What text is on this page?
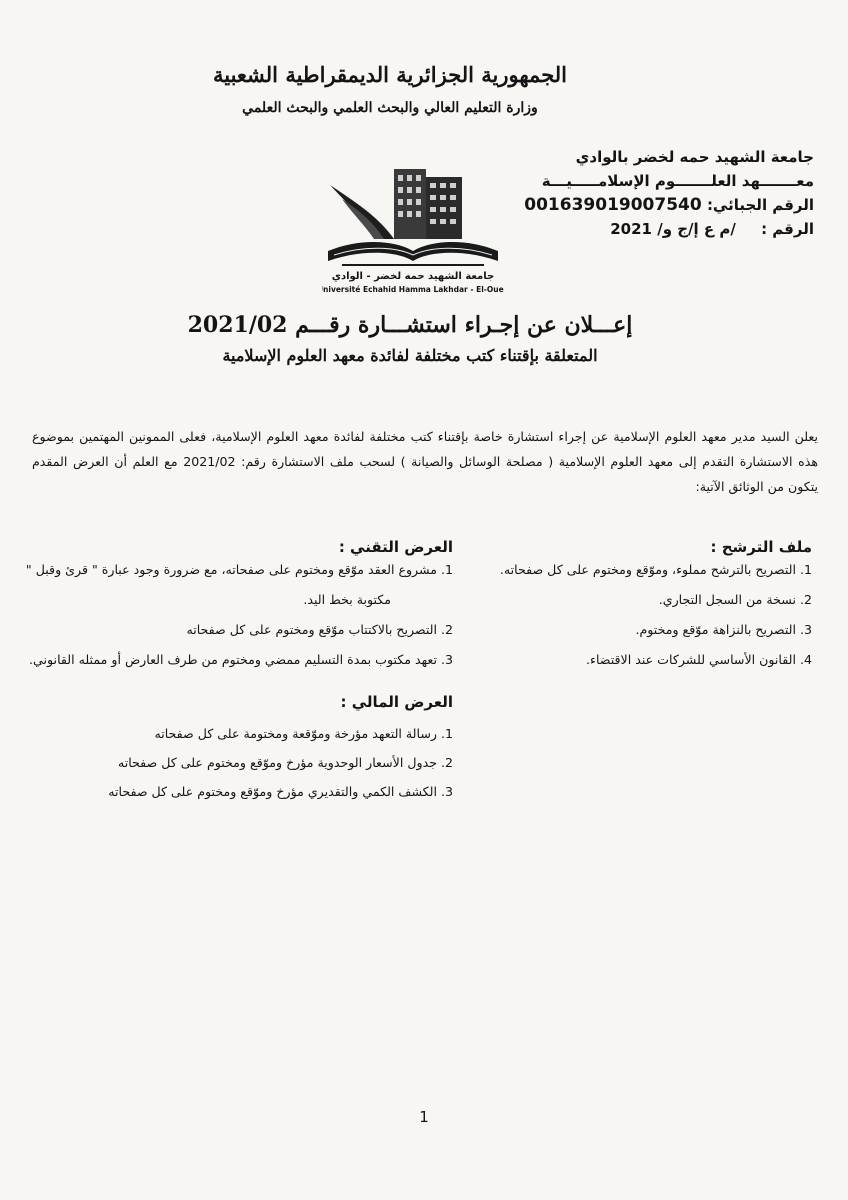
الجمهورية الجزائرية الديمقراطية الشعبية
وزارة التعليم العالي والبحث العلمي والبحث العلمي
جامعة الشهيد حمه لخضر بالوادي
معـــــــهد العلـــــــوم الإسلامـــــيـــة
الرقم الجبائي: 001639019007540
الرقم : /م ع إ/ج و/ 2021
جامعة الشهيد حمه لخضر - الوادي
Université Echahid Hamma Lakhdar - El-Oued
إعـــلان عن إجـراء استشـــارة رقـــم 2021/02
المتعلقة بإقتناء كتب مختلفة لفائدة معهد العلوم الإسلامية

يعلن السيد مدير معهد العلوم الإسلامية عن إجراء استشارة خاصة بإقتناء كتب مختلفة لفائدة معهد العلوم الإسلامية، فعلى الممونين المهتمين بموضوع هذه الاستشارة التقدم إلى معهد العلوم الإسلامية ( مصلحة الوسائل والصيانة ) لسحب ملف الاستشارة رقم: 2021/02 مع العلم أن العرض المقدم يتكون من الوثائق الآتية:

ملف الترشح :
1. التصريح بالترشح مملوء، وموّقع ومختوم على كل صفحاته.
2. نسخة من السجل التجاري.
3. التصريح بالنزاهة موّقع ومختوم.
4. القانون الأساسي للشركات عند الاقتضاء.
العرض التقني :
1. مشروع العقد موّقع ومختوم على صفحاته، مع ضرورة وجود عبارة " قرئ وقبل "
مكتوبة بخط اليد.
2. التصريح بالاكتتاب موّقع ومختوم على كل صفحاته
3. تعهد مكتوب بمدة التسليم ممضي ومختوم من طرف العارض أو ممثله القانوني.
العرض المالي :
1. رسالة التعهد مؤرخة وموّقعة ومختومة على كل صفحاته
2. جدول الأسعار الوحدوية مؤرخ وموّقع ومختوم على كل صفحاته
3. الكشف الكمي والتقديري مؤرخ وموّقع ومختوم على كل صفحاته
1
